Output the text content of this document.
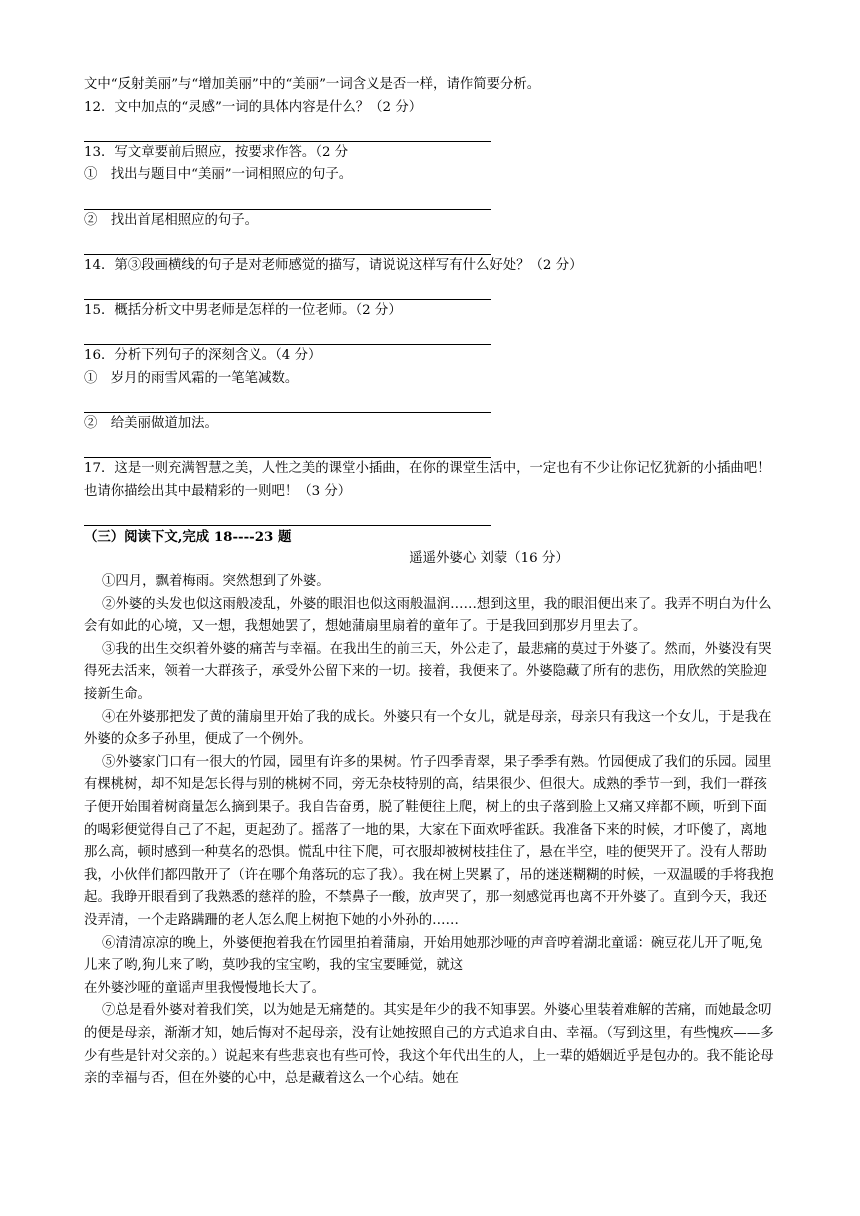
文中“反射美丽”与“增加美丽”中的“美丽”一词含义是否一样，请作简要分析。

12．文中加点的“灵感”一词的具体内容是什么？（2 分）

13．写文章要前后照应，按要求作答。（2 分

①　找出与题目中“美丽”一词相照应的句子。

②　找出首尾相照应的句子。

14．第③段画横线的句子是对老师感觉的描写，请说说这样写有什么好处？（2 分）

15．概括分析文中男老师是怎样的一位老师。（2 分）

16．分析下列句子的深刻含义。（4 分）

①　岁月的雨雪风霜的一笔笔减数。

②　给美丽做道加法。

17．这是一则充满智慧之美，人性之美的课堂小插曲，在你的课堂生活中，一定也有不少让你记忆犹新的小插曲吧！也请你描绘出其中最精彩的一则吧！（3 分）

（三）阅读下文,完成 18----23 题

遥遥外婆心 刘蒙（16 分）

①四月，飘着梅雨。突然想到了外婆。

②外婆的头发也似这雨般凌乱，外婆的眼泪也似这雨般温润……想到这里，我的眼泪便出来了。我弄不明白为什么会有如此的心境，又一想，我想她罢了，想她蒲扇里扇着的童年了。于是我回到那岁月里去了。

③我的出生交织着外婆的痛苦与幸福。在我出生的前三天，外公走了，最悲痛的莫过于外婆了。然而，外婆没有哭得死去活来，领着一大群孩子，承受外公留下来的一切。接着，我便来了。外婆隐藏了所有的悲伤，用欣然的笑脸迎接新生命。

④在外婆那把发了黄的蒲扇里开始了我的成长。外婆只有一个女儿，就是母亲，母亲只有我这一个女儿，于是我在外婆的众多子孙里，便成了一个例外。

⑤外婆家门口有一很大的竹园，园里有许多的果树。竹子四季青翠，果子季季有熟。竹园便成了我们的乐园。园里有棵桃树，却不知是怎长得与别的桃树不同，旁无杂枝特别的高，结果很少、但很大。成熟的季节一到，我们一群孩子便开始围着树商量怎么摘到果子。我自告奋勇，脱了鞋便往上爬，树上的虫子落到脸上又痛又痒都不顾，听到下面的喝彩便觉得自己了不起，更起劲了。摇落了一地的果，大家在下面欢呼雀跃。我准备下来的时候，才吓傻了，离地那么高，顿时感到一种莫名的恐惧。慌乱中往下爬，可衣服却被树枝挂住了，悬在半空，哇的便哭开了。没有人帮助我，小伙伴们都四散开了（许在哪个角落玩的忘了我）。我在树上哭累了，吊的迷迷糊糊的时候，一双温暖的手将我抱起。我睁开眼看到了我熟悉的慈祥的脸，不禁鼻子一酸，放声哭了，那一刻感觉再也离不开外婆了。直到今天，我还没弄清，一个走路蹒跚的老人怎么爬上树抱下她的小外孙的……

⑥清清凉凉的晚上，外婆便抱着我在竹园里拍着蒲扇，开始用她那沙哑的声音哼着湖北童谣：碗豆花儿开了呃,兔儿来了哟,狗儿来了哟，莫吵我的宝宝哟，我的宝宝要睡觉，就这

在外婆沙哑的童谣声里我慢慢地长大了。

⑦总是看外婆对着我们笑，以为她是无痛楚的。其实是年少的我不知事罢。外婆心里装着难解的苦痛，而她最念叨的便是母亲，渐渐才知，她后悔对不起母亲，没有让她按照自己的方式追求自由、幸福。（写到这里，有些愧疚——多少有些是针对父亲的。）说起来有些悲哀也有些可怜，我这个年代出生的人，上一辈的婚姻近乎是包办的。我不能论母亲的幸福与否，但在外婆的心中，总是藏着这么一个心结。她在
